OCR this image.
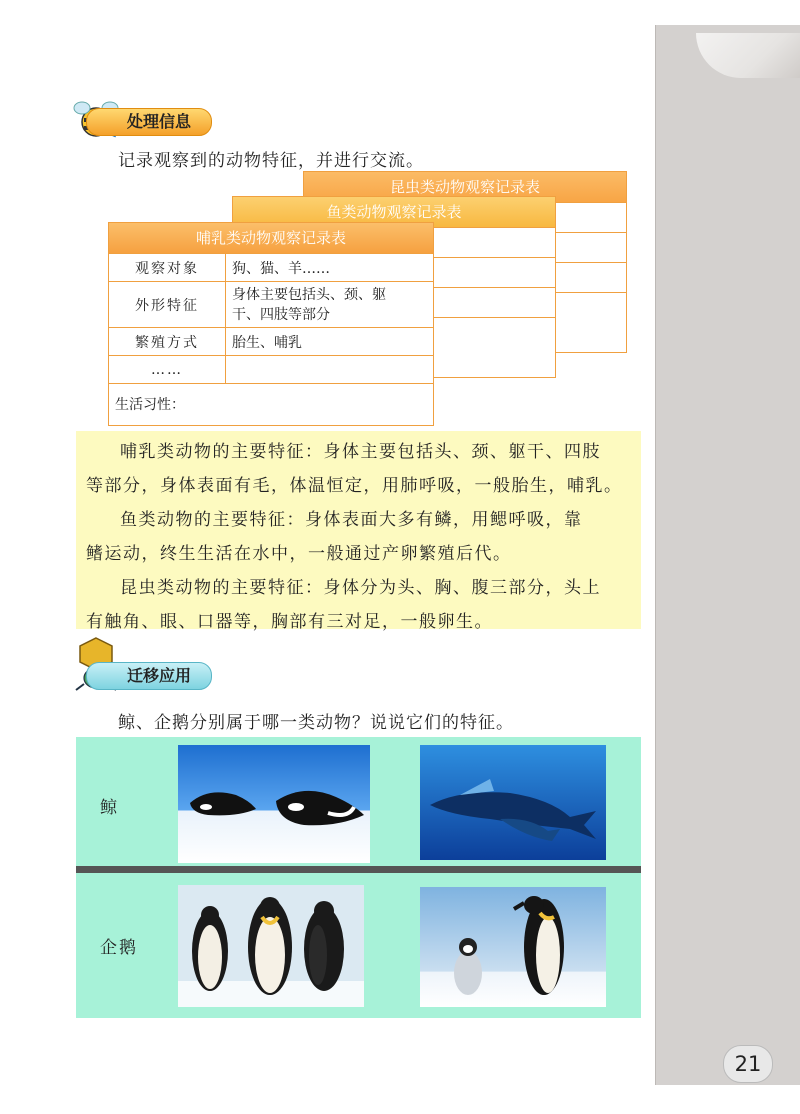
处理信息
记录观察到的动物特征，并进行交流。
昆虫类动物观察记录表
鱼类动物观察记录表
哺乳类动物观察记录表
观察对象	狗、猫、羊……
外形特征	身体主要包括头、颈、躯
干、四肢等部分

繁殖方式	胎生、哺乳
……	
生活习性：	

哺乳类动物的主要特征：身体主要包括头、颈、躯干、四肢

等部分，身体表面有毛，体温恒定，用肺呼吸，一般胎生，哺乳。

鱼类动物的主要特征：身体表面大多有鳞，用鳃呼吸，靠

鳍运动，终生生活在水中，一般通过产卵繁殖后代。

昆虫类动物的主要特征：身体分为头、胸、腹三部分，头上

有触角、眼、口器等，胸部有三对足，一般卵生。

迁移应用
鲸、企鹅分别属于哪一类动物？说说它们的特征。
鲸
企鹅
21
